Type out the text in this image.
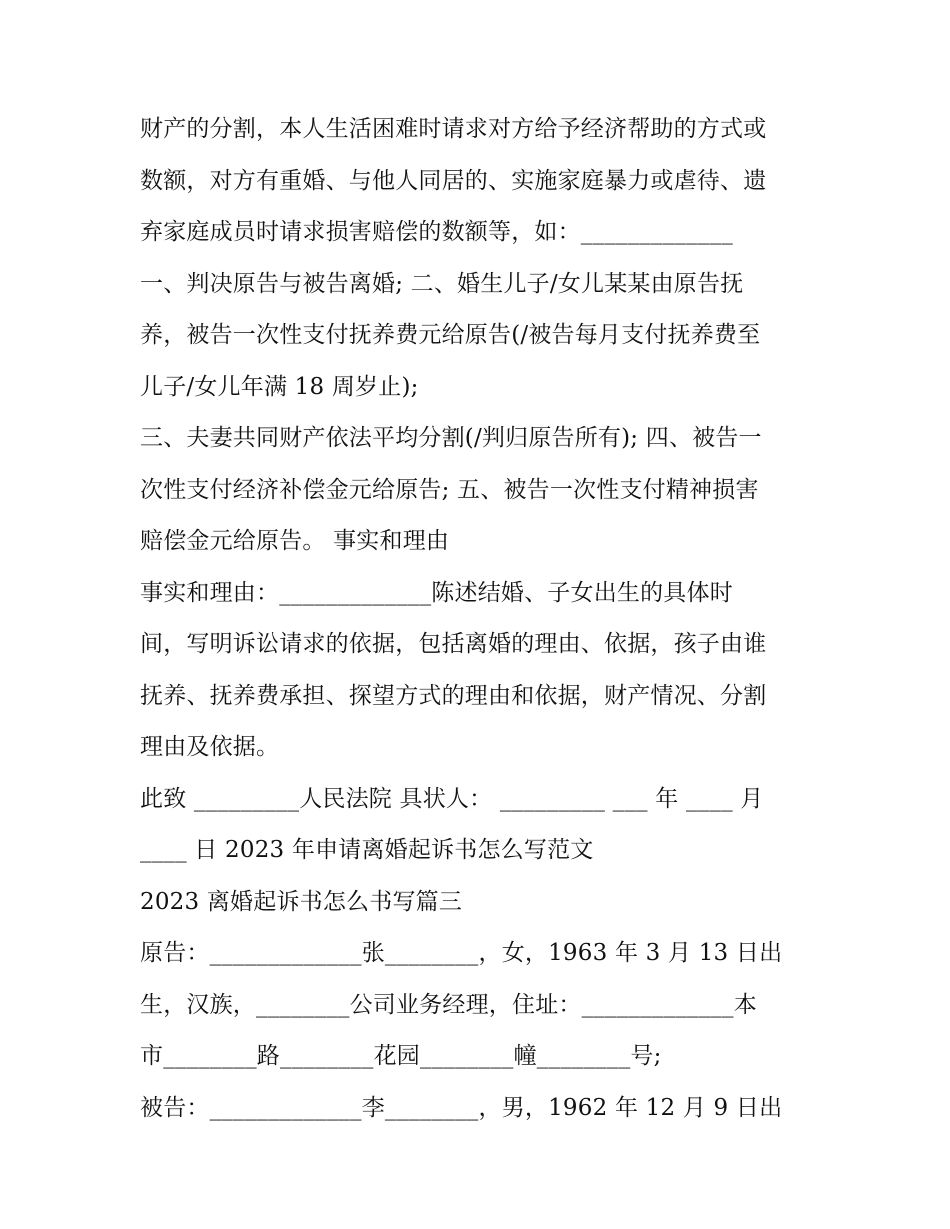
财产的分割，本人生活困难时请求对方给予经济帮助的方式或
数额，对方有重婚、与他人同居的、实施家庭暴力或虐待、遗
弃家庭成员时请求损害赔偿的数额等，如：_____________
一、判决原告与被告离婚; 二、婚生儿子/女儿某某由原告抚
养，被告一次性支付抚养费元给原告(/被告每月支付抚养费至
儿子/女儿年满 18 周岁止);
三、夫妻共同财产依法平均分割(/判归原告所有); 四、被告一
次性支付经济补偿金元给原告; 五、被告一次性支付精神损害
赔偿金元给原告。 事实和理由
事实和理由：_____________陈述结婚、子女出生的具体时
间，写明诉讼请求的依据，包括离婚的理由、依据，孩子由谁
抚养、抚养费承担、探望方式的理由和依据，财产情况、分割
理由及依据。
此致 _________人民法院 具状人： _________ ___ 年 ____ 月
____ 日 2023 年申请离婚起诉书怎么写范文
2023 离婚起诉书怎么书写篇三
原告：_____________张________，女，1963 年 3 月 13 日出
生，汉族，________公司业务经理，住址：_____________本
市________路________花园________幢________号;
被告：_____________李________，男，1962 年 12 月 9 日出
